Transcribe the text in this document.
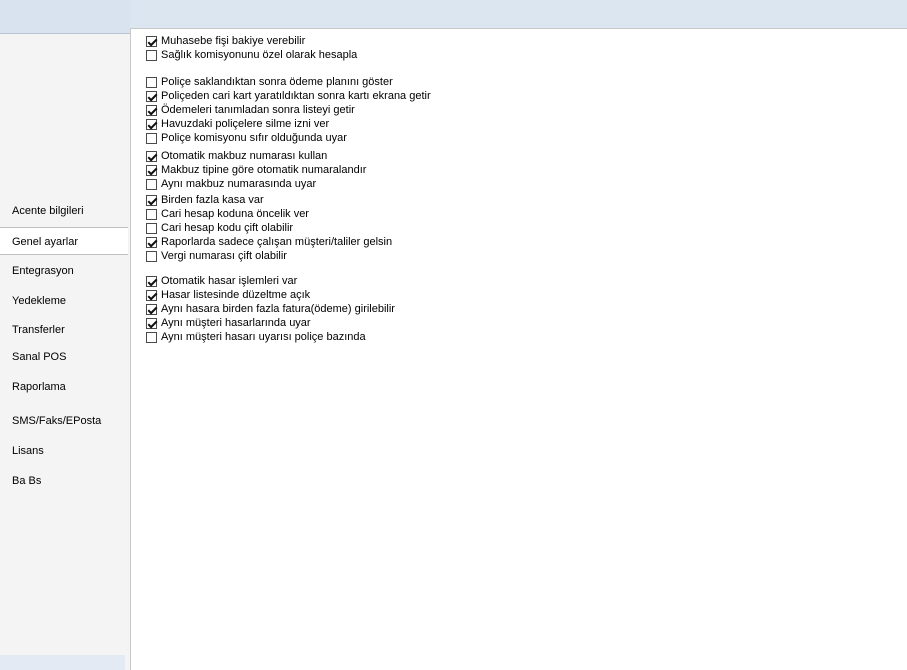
Acente bilgileri
Genel ayarlar
Entegrasyon
Yedekleme
Transferler
Sanal POS
Raporlama
SMS/Faks/EPosta
Lisans
Ba Bs
Muhasebe fişi bakiye verebilir
Sağlık komisyonunu özel olarak hesapla
Poliçe saklandıktan sonra ödeme planını göster
Poliçeden cari kart yaratıldıktan sonra kartı ekrana getir
Ödemeleri tanımladan sonra listeyi getir
Havuzdaki poliçelere silme izni ver
Poliçe komisyonu sıfır olduğunda uyar
Otomatik makbuz numarası kullan
Makbuz tipine göre otomatik numaralandır
Aynı makbuz numarasında uyar
Birden fazla kasa var
Cari hesap koduna öncelik ver
Cari hesap kodu çift olabilir
Raporlarda sadece çalışan müşteri/taliler gelsin
Vergi numarası çift olabilir
Otomatik hasar işlemleri var
Hasar listesinde düzeltme açık
Aynı hasara birden fazla fatura(ödeme) girilebilir
Aynı müşteri hasarlarında uyar
Aynı müşteri hasarı uyarısı poliçe bazında
